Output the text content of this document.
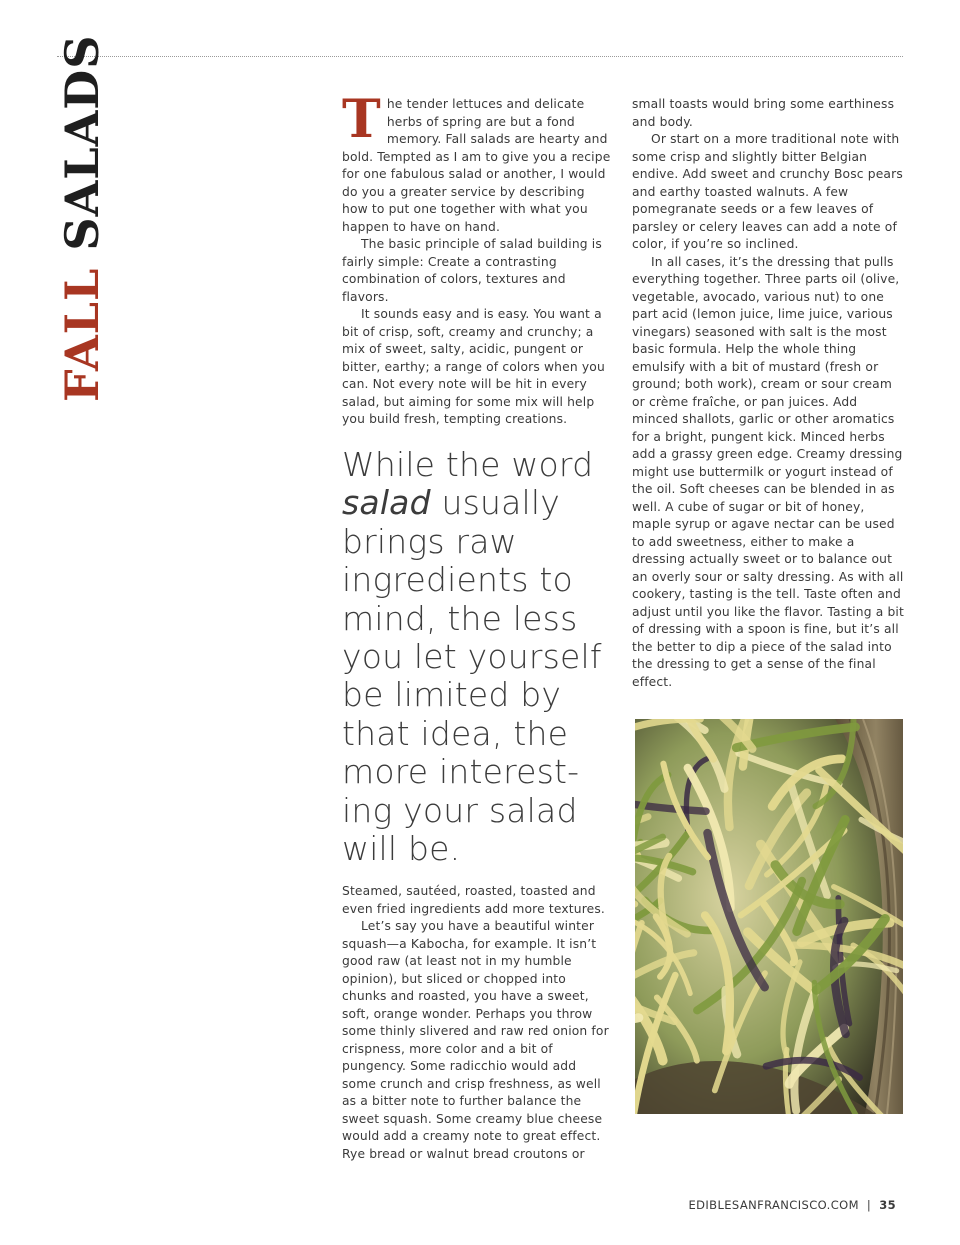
FALL SALADS	The tender lettuces and delicate herbs of spring are but a fond memory. Fall salads are hearty and bold. Tempted as I am to give you a recipe for one fabulous salad or another, I would do you a greater service by describing how to put one together with what you happen to have on hand.

The basic principle of salad building is fairly simple: Create a contrasting combination of colors, textures and flavors.

It sounds easy and is easy. You want a bit of crisp, soft, creamy and crunchy; a mix of sweet, salty, acidic, pungent or bitter, earthy; a range of colors when you can. Not every note will be hit in every salad, but aiming for some mix will help you build fresh, tempting creations.

While the word salad usually brings raw ingredients to mind, the less you let yourself be limited by that idea, the more interest-ing your salad will be.

Steamed, sautéed, roasted, toasted and even fried ingredients add more textures.

Let’s say you have a beautiful winter squash—a Kabocha, for example. It isn’t good raw (at least not in my humble opinion), but sliced or chopped into chunks and roasted, you have a sweet, soft, orange wonder. Perhaps you throw some thinly slivered and raw red onion for crispness, more color and a bit of pungency. Some radicchio would add some crunch and crisp freshness, as well as a bitter note to further balance the sweet squash. Some creamy blue cheese would add a creamy note to great effect. Rye bread or walnut bread croutons or

small toasts would bring some earthiness and body.

Or start on a more traditional note with some crisp and slightly bitter Belgian endive. Add sweet and crunchy Bosc pears and earthy toasted walnuts. A few pomegranate seeds or a few leaves of parsley or celery leaves can add a note of color, if you’re so inclined.

In all cases, it’s the dressing that pulls everything together. Three parts oil (olive, vegetable, avocado, various nut) to one part acid (lemon juice, lime juice, various vinegars) seasoned with salt is the most basic formula. Help the whole thing emulsify with a bit of mustard (fresh or ground; both work), cream or sour cream or crème fraîche, or pan juices. Add minced shallots, garlic or other aromatics for a bright, pungent kick. Minced herbs add a grassy green edge. Creamy dressing might use buttermilk or yogurt instead of the oil. Soft cheeses can be blended in as well. A cube of sugar or bit of honey, maple syrup or agave nectar can be used to add sweetness, either to make a dressing actually sweet or to balance out an overly sour or salty dressing. As with all cookery, tasting is the tell. Taste often and adjust until you like the flavor. Tasting a bit of dressing with a spoon is fine, but it’s all the better to dip a piece of the salad into the dressing to get a sense of the final effect.

EDIBLESANFRANCISCO.COM | 35
